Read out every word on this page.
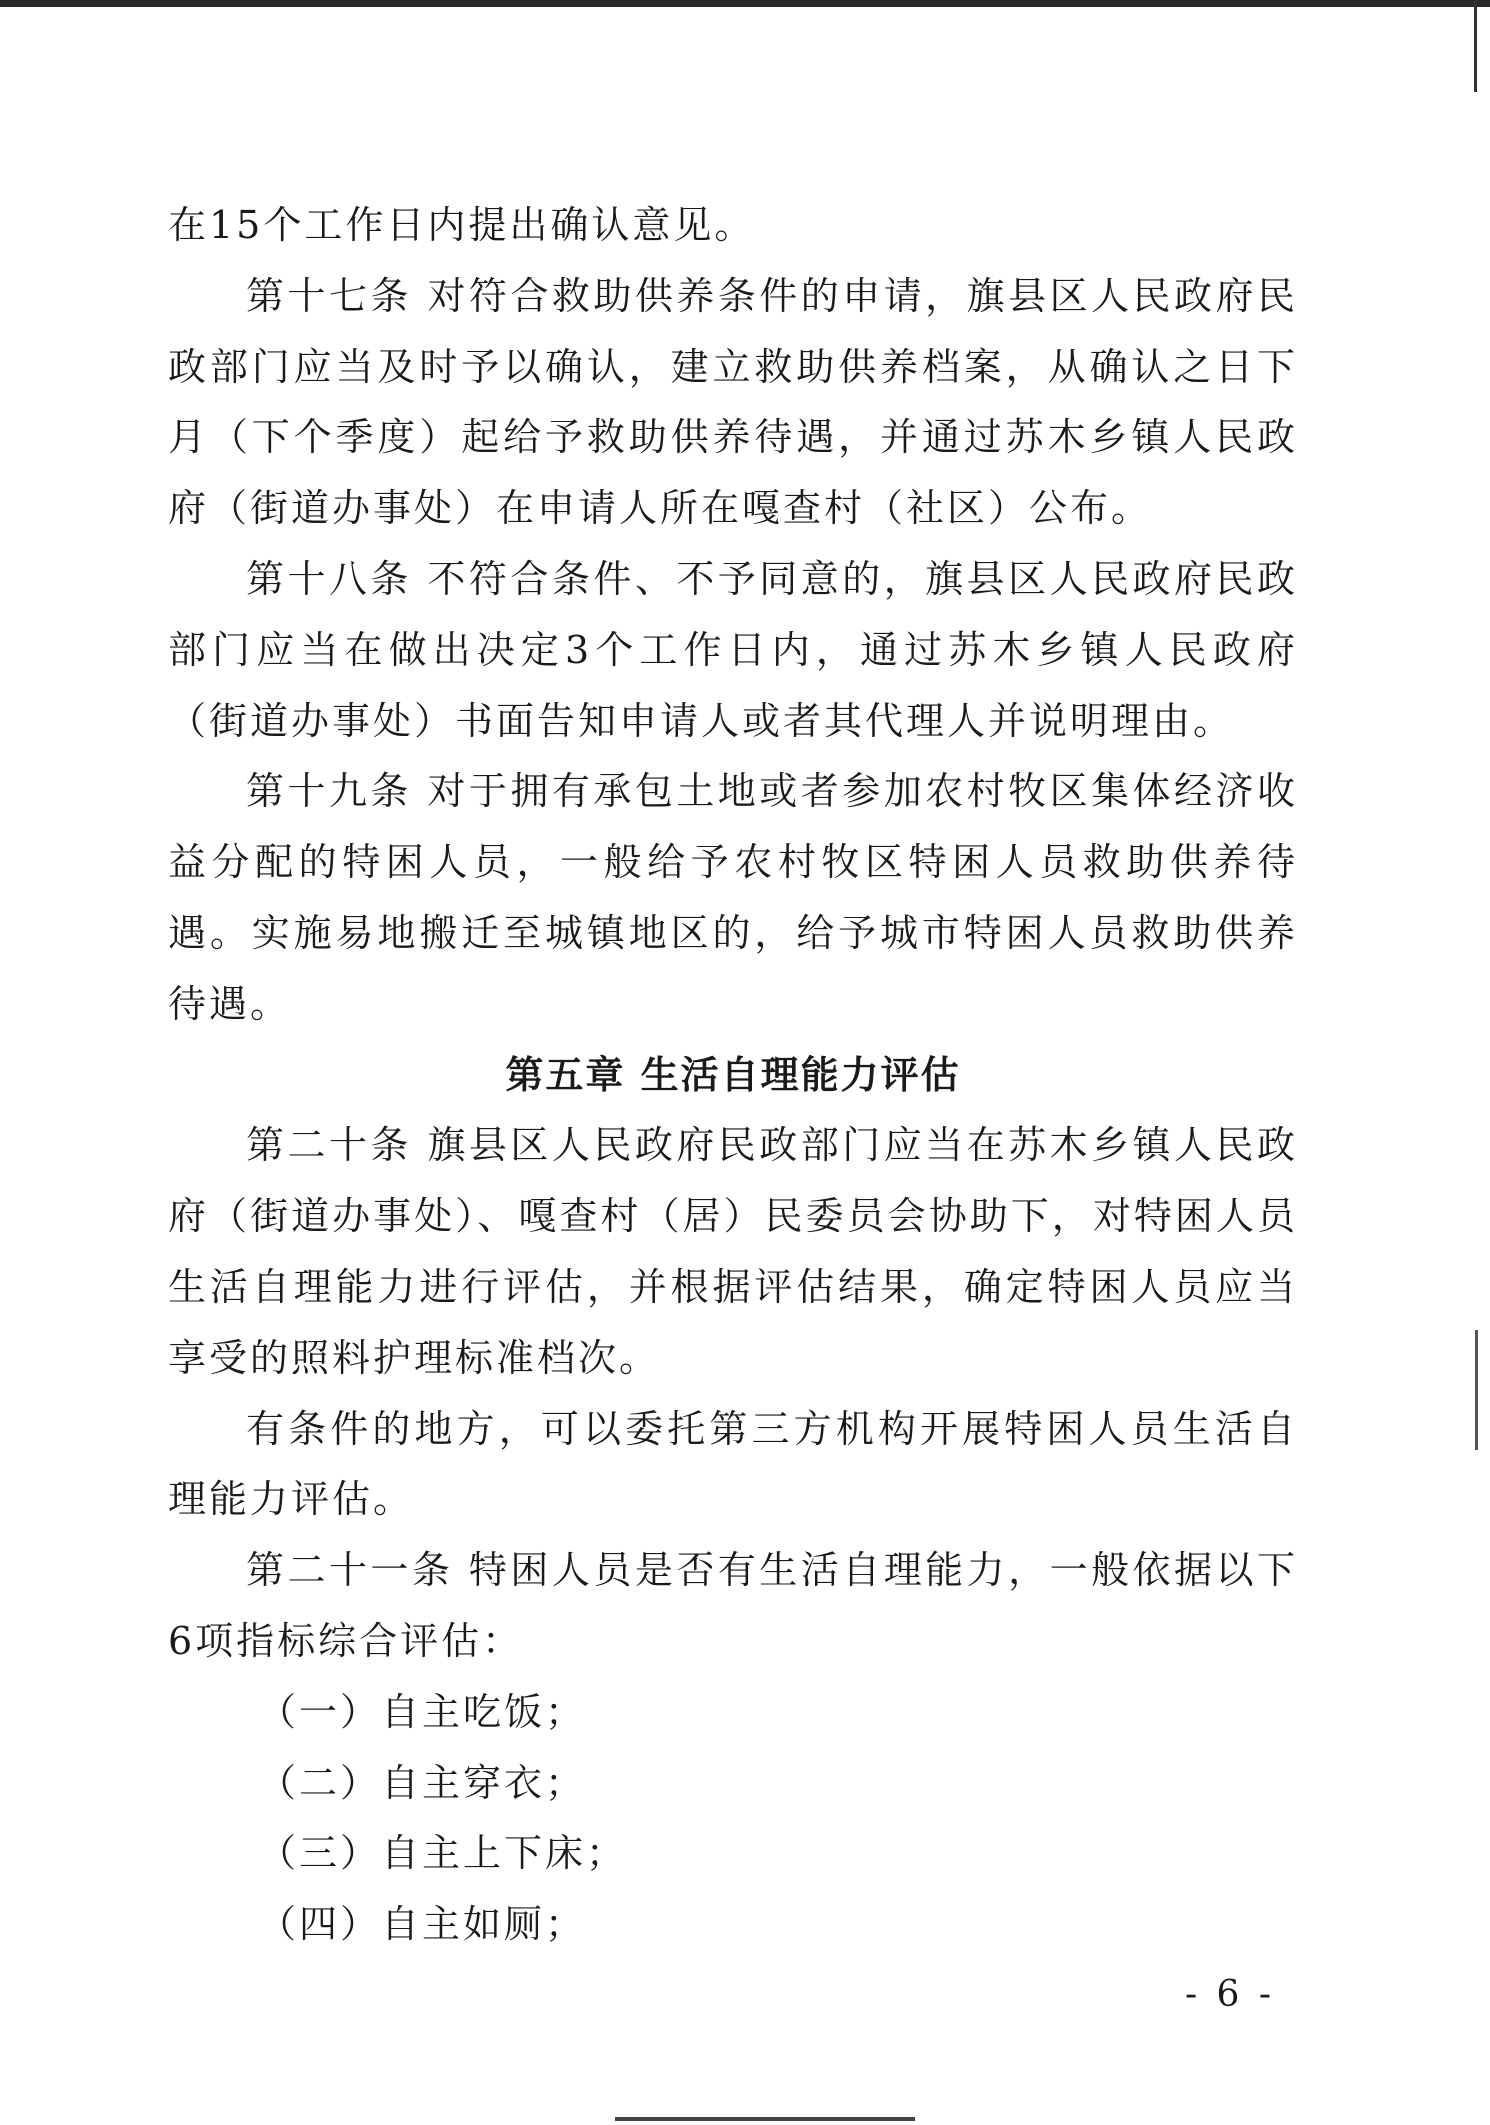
在15个工作日内提出确认意见。

第十七条 对符合救助供养条件的申请，旗县区人民政府民政部门应当及时予以确认，建立救助供养档案，从确认之日下月（下个季度）起给予救助供养待遇，并通过苏木乡镇人民政府（街道办事处）在申请人所在嘎查村（社区）公布。

第十八条 不符合条件、不予同意的，旗县区人民政府民政部门应当在做出决定3个工作日内，通过苏木乡镇人民政府（街道办事处）书面告知申请人或者其代理人并说明理由。

第十九条 对于拥有承包土地或者参加农村牧区集体经济收益分配的特困人员，一般给予农村牧区特困人员救助供养待遇。实施易地搬迁至城镇地区的，给予城市特困人员救助供养待遇。

第五章 生活自理能力评估

第二十条 旗县区人民政府民政部门应当在苏木乡镇人民政府（街道办事处）、嘎查村（居）民委员会协助下，对特困人员生活自理能力进行评估，并根据评估结果，确定特困人员应当享受的照料护理标准档次。

有条件的地方，可以委托第三方机构开展特困人员生活自理能力评估。

第二十一条 特困人员是否有生活自理能力，一般依据以下6项指标综合评估：

（一）自主吃饭；

（二）自主穿衣；

（三）自主上下床；

（四）自主如厕；

- 6 -
